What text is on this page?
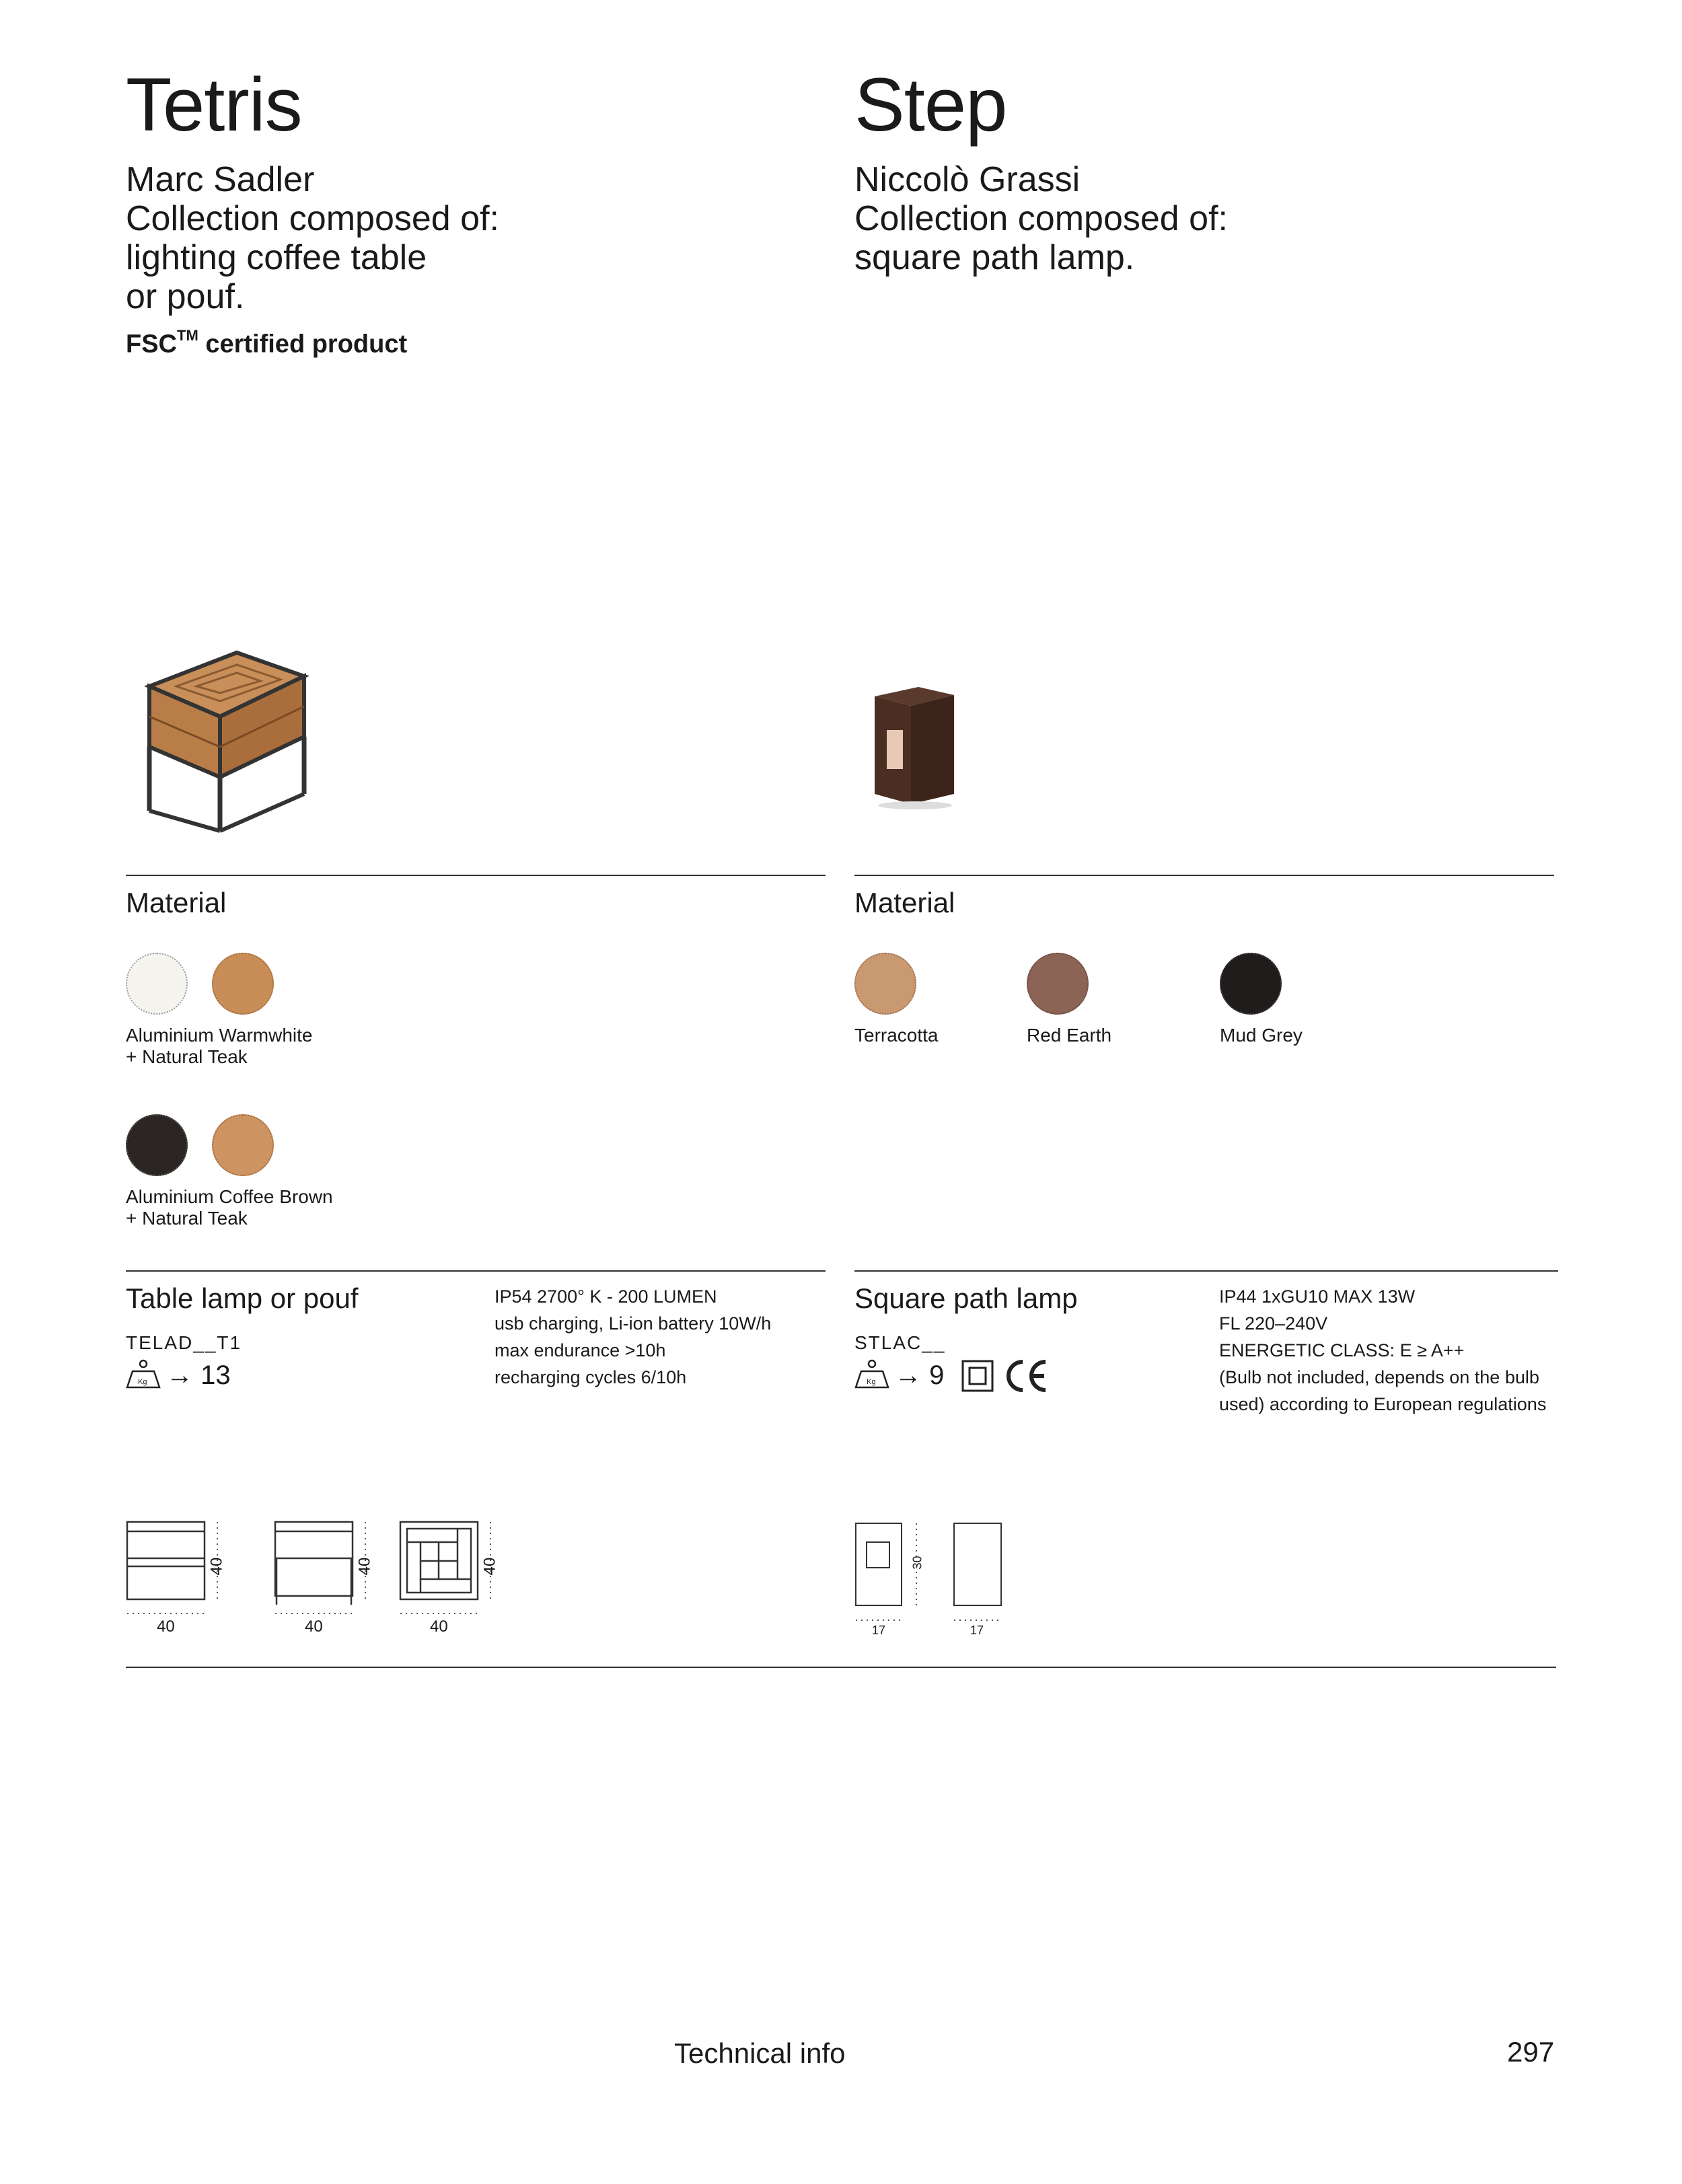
Tetris
Marc Sadler
Collection composed of:
lighting coffee table
or pouf.
FSC™ certified product
Material
Aluminium Warmwhite
+ Natural Teak
Aluminium Coffee Brown
+ Natural Teak
Table lamp or pouf
TELAD__T1
Kg → 13
IP54 2700° K - 200 LUMEN
usb charging, Li-ion battery 10W/h
max endurance >10h
recharging cycles 6/10h
40
40
40
40
40
40
Step
Niccolò Grassi
Collection composed of:
square path lamp.
Material
Terracotta	Red Earth	Mud Grey
Square path lamp
STLAC__
Kg → 9
IP44 1xGU10 MAX 13W
FL 220–240V
ENERGETIC CLASS: E ≥ A++
(Bulb not included, depends on the bulb
used) according to European regulations
17
30
17
Technical info	297
